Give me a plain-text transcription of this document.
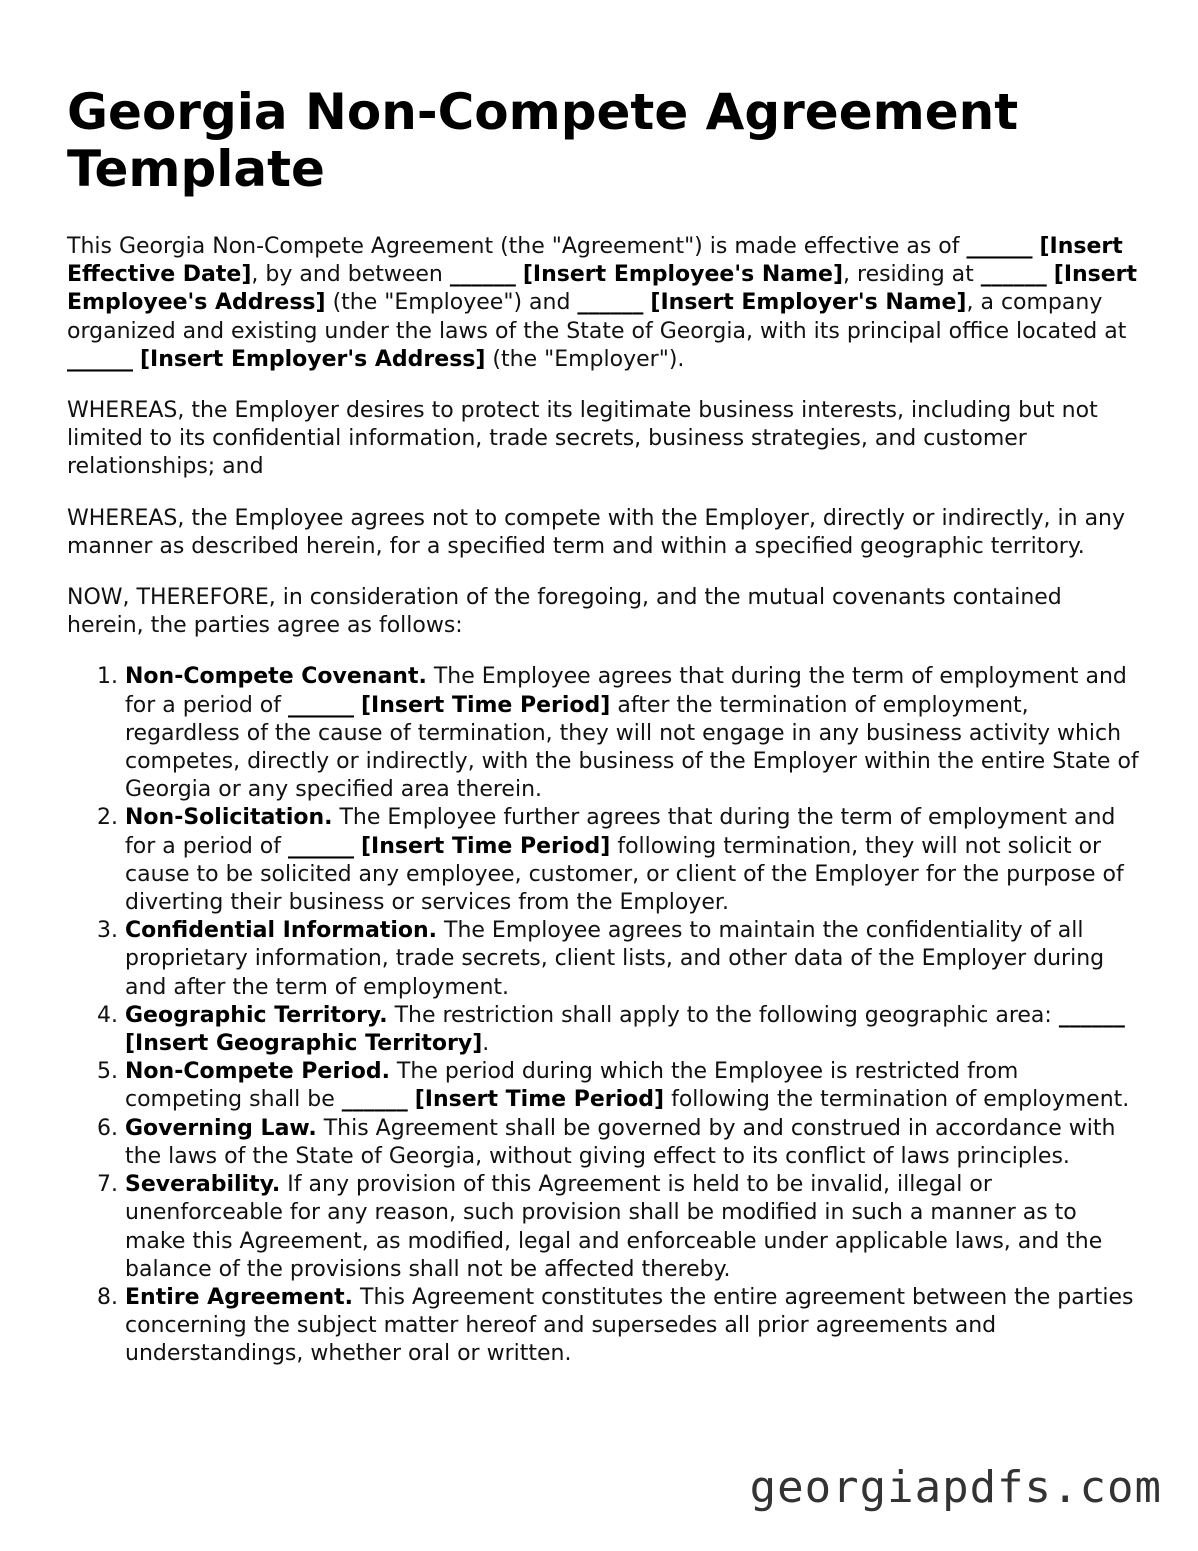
Georgia Non-Compete Agreement Template

This Georgia Non-Compete Agreement (the "Agreement") is made effective as of ______ [Insert Effective Date], by and between ______ [Insert Employee's Name], residing at ______ [Insert Employee's Address] (the "Employee") and ______ [Insert Employer's Name], a company organized and existing under the laws of the State of Georgia, with its principal office located at ______ [Insert Employer's Address] (the "Employer").

WHEREAS, the Employer desires to protect its legitimate business interests, including but not limited to its confidential information, trade secrets, business strategies, and customer relationships; and

WHEREAS, the Employee agrees not to compete with the Employer, directly or indirectly, in any manner as described herein, for a specified term and within a specified geographic territory.

NOW, THEREFORE, in consideration of the foregoing, and the mutual covenants contained herein, the parties agree as follows:

1. Non-Compete Covenant. The Employee agrees that during the term of employment and for a period of ______ [Insert Time Period] after the termination of employment, regardless of the cause of termination, they will not engage in any business activity which competes, directly or indirectly, with the business of the Employer within the entire State of Georgia or any specified area therein.
2. Non-Solicitation. The Employee further agrees that during the term of employment and for a period of ______ [Insert Time Period] following termination, they will not solicit or cause to be solicited any employee, customer, or client of the Employer for the purpose of diverting their business or services from the Employer.
3. Confidential Information. The Employee agrees to maintain the confidentiality of all proprietary information, trade secrets, client lists, and other data of the Employer during and after the term of employment.
4. Geographic Territory. The restriction shall apply to the following geographic area: ______ [Insert Geographic Territory].
5. Non-Compete Period. The period during which the Employee is restricted from competing shall be ______ [Insert Time Period] following the termination of employment.
6. Governing Law. This Agreement shall be governed by and construed in accordance with the laws of the State of Georgia, without giving effect to its conflict of laws principles.
7. Severability. If any provision of this Agreement is held to be invalid, illegal or unenforceable for any reason, such provision shall be modified in such a manner as to make this Agreement, as modified, legal and enforceable under applicable laws, and the balance of the provisions shall not be affected thereby.
8. Entire Agreement. This Agreement constitutes the entire agreement between the parties concerning the subject matter hereof and supersedes all prior agreements and understandings, whether oral or written.
georgiapdfs.com
